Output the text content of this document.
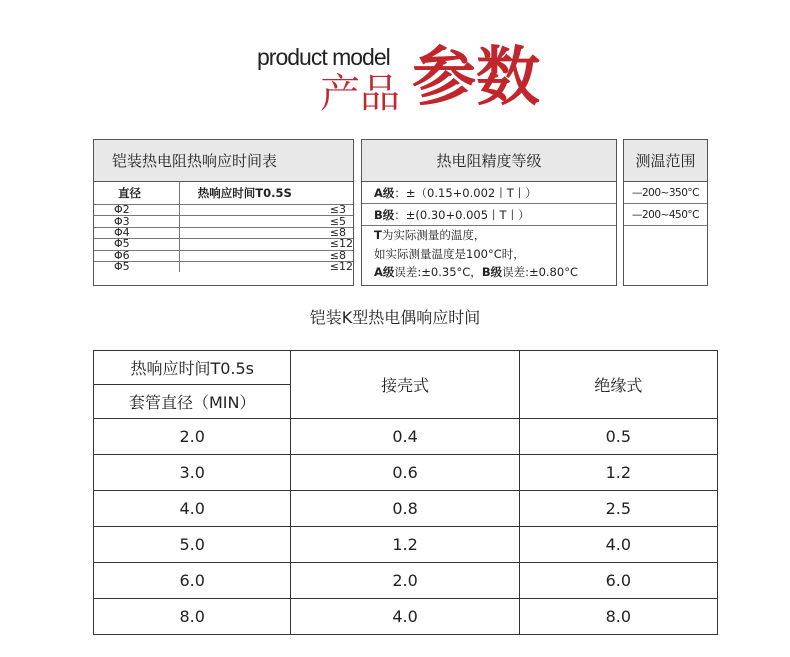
product model
产品 参数
铠装热电阻热响应时间表
直径	热响应时间T0.5S
Φ2	≤3
Φ3	≤5
Φ4	≤8
Φ5	≤12
Φ6	≤8
Φ5	≤12
热电阻精度等级
A级：±（0.15+0.002丨T丨）
B级：±(0.30+0.005丨T丨）
T为实际测量的温度，
如实际测量温度是100°C时，
A级误差:±0.35°C，B级误差:±0.80°C
测温范围
—200~350°C
—200~450°C
铠装K型热电偶响应时间
热响应时间T0.5s	接壳式	绝缘式
套管直径（MIN）		
2.0	0.4	0.5
3.0	0.6	1.2
4.0	0.8	2.5
5.0	1.2	4.0
6.0	2.0	6.0
8.0	4.0	8.0
